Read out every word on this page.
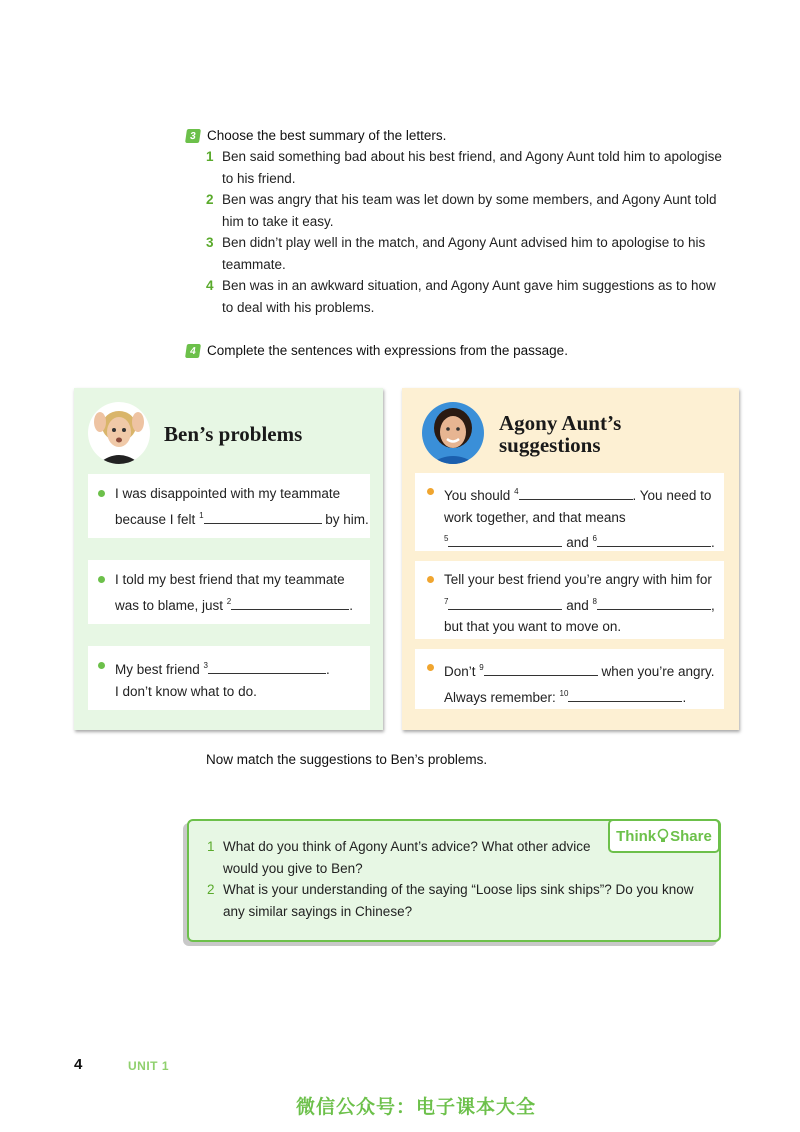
3 Choose the best summary of the letters.
1 Ben said something bad about his best friend, and Agony Aunt told him to apologise to his friend.
2 Ben was angry that his team was let down by some members, and Agony Aunt told him to take it easy.
3 Ben didn’t play well in the match, and Agony Aunt advised him to apologise to his teammate.
4 Ben was in an awkward situation, and Agony Aunt gave him suggestions as to how to deal with his problems.
4 Complete the sentences with expressions from the passage.
Ben’s problems
I was disappointed with my teammate
because I felt $^1$	by him.
I told my best friend that my teammate
was to blame, just $^2$	.
My best friend $^3$	.
I don’t know what to do.
Agony Aunt’s
suggestions
You should $^4$	. You need to
work together, and that means
$^5$	and $^6$	.
Tell your best friend you’re angry with him for
$^7$	and $^8$	,
but that you want to move on.
Don’t $^9$	when you’re angry.
Always remember: $^{10}$	.
Now match the suggestions to Ben’s problems.
1 What do you think of Agony Aunt’s advice? What other advice
would you give to Ben?
2 What is your understanding of the saying “Loose lips sink ships”? Do you know
any similar sayings in Chinese?
Think Share
4	UNIT 1
微信公众号：电子课本大全
